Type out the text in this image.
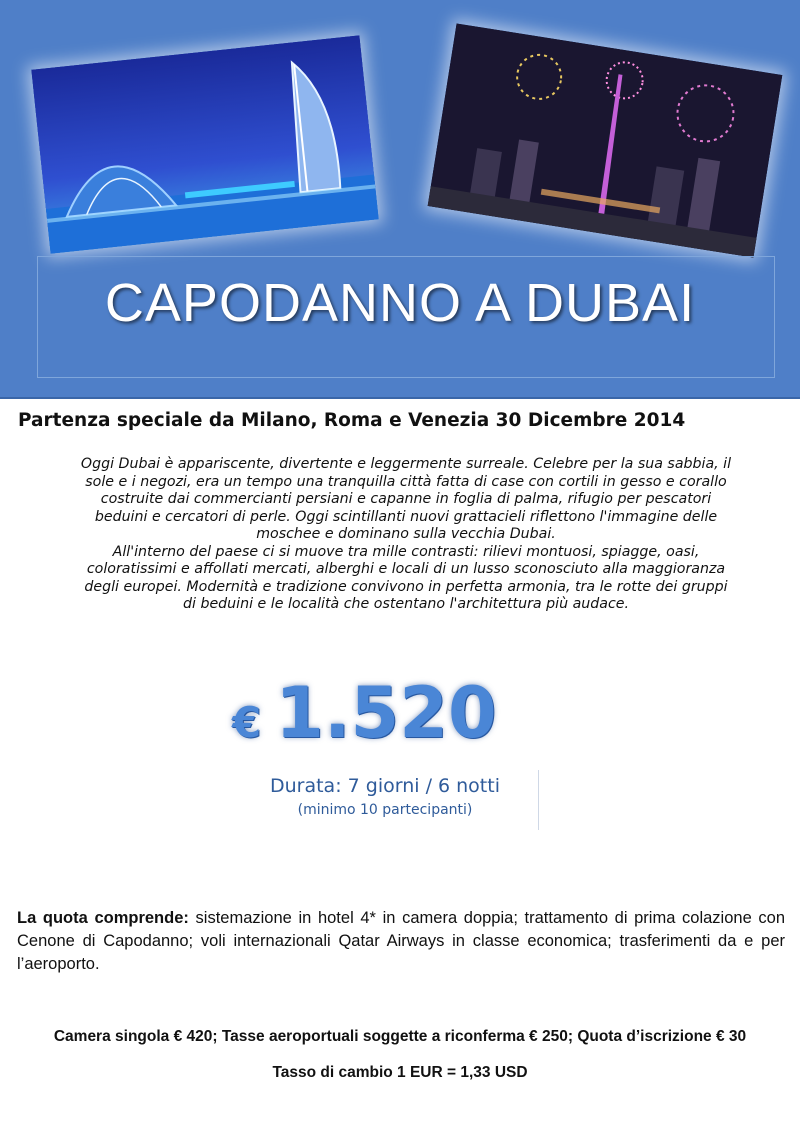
CAPODANNO A DUBAI
Partenza speciale da Milano, Roma e Venezia 30 Dicembre 2014
Oggi Dubai è appariscente, divertente e leggermente surreale. Celebre per la sua sabbia, il
sole e i negozi, era un tempo una tranquilla città fatta di case con cortili in gesso e corallo
costruite dai commercianti persiani e capanne in foglia di palma, rifugio per pescatori
beduini e cercatori di perle. Oggi scintillanti nuovi grattacieli riflettono l'immagine delle
moschee e dominano sulla vecchia Dubai.
All'interno del paese ci si muove tra mille contrasti: rilievi montuosi, spiagge, oasi,
coloratissimi e affollati mercati, alberghi e locali di un lusso sconosciuto alla maggioranza
degli europei. Modernità e tradizione convivono in perfetta armonia, tra le rotte dei gruppi
di beduini e le località che ostentano l'architettura più audace.
€ 1.520
Durata: 7 giorni / 6 notti
(minimo 10 partecipanti)
La quota comprende: sistemazione in hotel 4* in camera doppia; trattamento di prima colazione con Cenone di Capodanno; voli internazionali Qatar Airways in classe economica; trasferimenti da e per l’aeroporto.
Camera singola € 420; Tasse aeroportuali soggette a riconferma € 250; Quota d’iscrizione € 30
Tasso di cambio 1 EUR = 1,33 USD
